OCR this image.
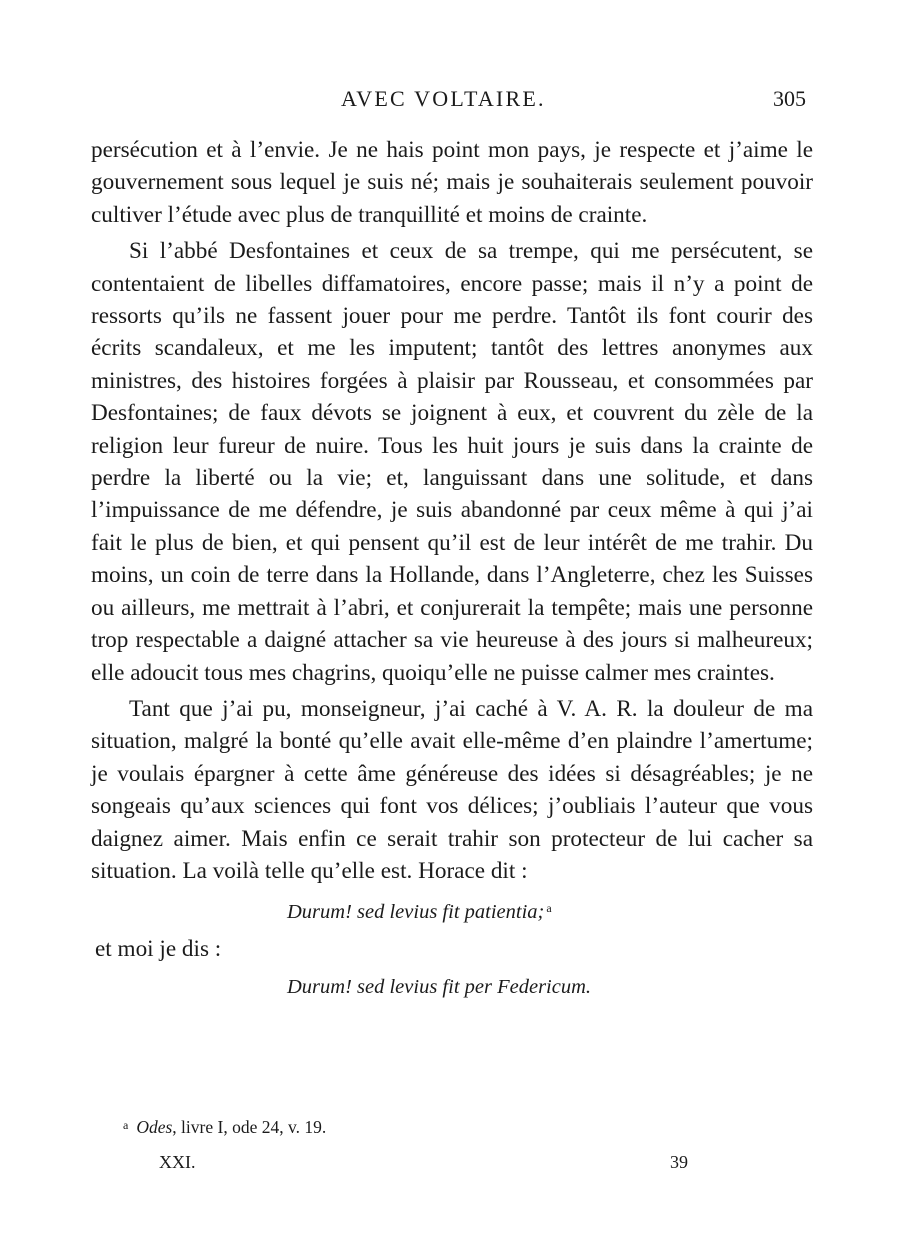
AVEC VOLTAIRE.	305

persécution et à l’envie. Je ne hais point mon pays, je respecte et j’aime le gouvernement sous lequel je suis né; mais je souhaiterais seulement pouvoir cultiver l’étude avec plus de tranquillité et moins de crainte.

Si l’abbé Desfontaines et ceux de sa trempe, qui me persécutent, se contentaient de libelles diffamatoires, encore passe; mais il n’y a point de ressorts qu’ils ne fassent jouer pour me perdre. Tantôt ils font courir des écrits scandaleux, et me les imputent; tantôt des lettres anonymes aux ministres, des histoires forgées à plaisir par Rousseau, et consommées par Desfontaines; de faux dévots se joignent à eux, et couvrent du zèle de la religion leur fureur de nuire. Tous les huit jours je suis dans la crainte de perdre la liberté ou la vie; et, languissant dans une solitude, et dans l’impuissance de me défendre, je suis abandonné par ceux même à qui j’ai fait le plus de bien, et qui pensent qu’il est de leur intérêt de me trahir. Du moins, un coin de terre dans la Hollande, dans l’Angleterre, chez les Suisses ou ailleurs, me mettrait à l’abri, et conjurerait la tempête; mais une personne trop respectable a daigné attacher sa vie heureuse à des jours si malheureux; elle adoucit tous mes chagrins, quoiqu’elle ne puisse calmer mes craintes.

Tant que j’ai pu, monseigneur, j’ai caché à V. A. R. la douleur de ma situation, malgré la bonté qu’elle avait elle-même d’en plaindre l’amertume; je voulais épargner à cette âme généreuse des idées si désagréables; je ne songeais qu’aux sciences qui font vos délices; j’oubliais l’auteur que vous daignez aimer. Mais enfin ce serait trahir son protecteur de lui cacher sa situation. La voilà telle qu’elle est. Horace dit :

Durum! sed levius fit patientia; $^a$

et moi je dis :

Durum! sed levius fit per Federicum.
$^a$ Odes, livre I, ode 24, v. 19.
XXI.	39
